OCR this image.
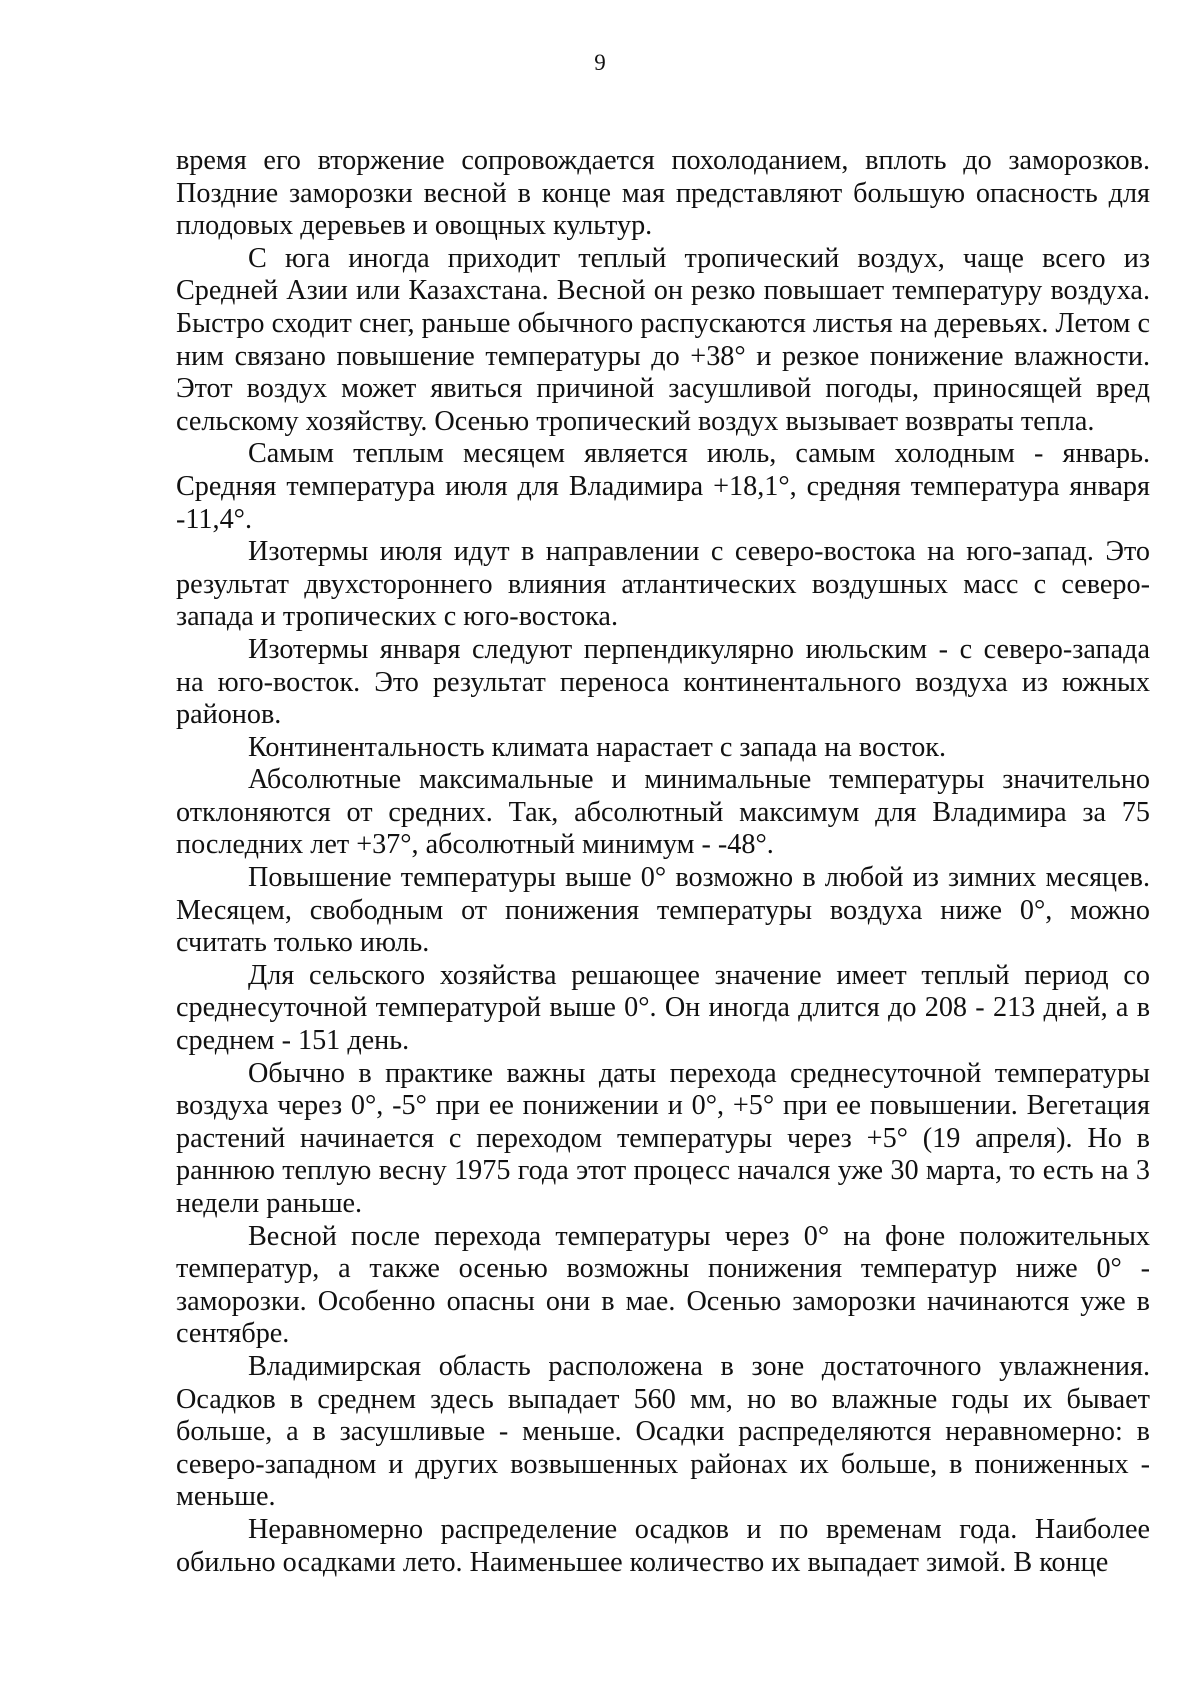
9

время его вторжение сопровождается похолоданием, вплоть до заморозков. Поздние заморозки весной в конце мая представляют большую опасность для плодовых деревьев и овощных культур.

С юга иногда приходит теплый тропический воздух, чаще всего из Средней Азии или Казахстана. Весной он резко повышает температуру воздуха. Быстро сходит снег, раньше обычного распускаются листья на деревьях. Летом с ним связано повышение температуры до +38° и резкое понижение влажности. Этот воздух может явиться причиной засушливой погоды, приносящей вред сельскому хозяйству. Осенью тропический воздух вызывает возвраты тепла.

Самым теплым месяцем является июль, самым холодным - январь. Средняя температура июля для Владимира +18,1°, средняя температура января -11,4°.

Изотермы июля идут в направлении с северо-востока на юго-запад. Это результат двухстороннего влияния атлантических воздушных масс с северо-запада и тропических с юго-востока.

Изотермы января следуют перпендикулярно июльским - с северо-запада на юго-восток. Это результат переноса континентального воздуха из южных районов.

Континентальность климата нарастает с запада на восток.

Абсолютные максимальные и минимальные температуры значительно отклоняются от средних. Так, абсолютный максимум для Владимира за 75 последних лет +37°, абсолютный минимум - -48°.

Повышение температуры выше 0° возможно в любой из зимних месяцев. Месяцем, свободным от понижения температуры воздуха ниже 0°, можно считать только июль.

Для сельского хозяйства решающее значение имеет теплый период со среднесуточной температурой выше 0°. Он иногда длится до 208 - 213 дней, а в среднем - 151 день.

Обычно в практике важны даты перехода среднесуточной температуры воздуха через 0°, -5° при ее понижении и 0°, +5° при ее повышении. Вегетация растений начинается с переходом температуры через +5° (19 апреля). Но в раннюю теплую весну 1975 года этот процесс начался уже 30 марта, то есть на 3 недели раньше.

Весной после перехода температуры через 0° на фоне положительных температур, а также осенью возможны понижения температур ниже 0° - заморозки. Особенно опасны они в мае. Осенью заморозки начинаются уже в сентябре.

Владимирская область расположена в зоне достаточного увлажнения. Осадков в среднем здесь выпадает 560 мм, но во влажные годы их бывает больше, а в засушливые - меньше. Осадки распределяются неравномерно: в северо-западном и других возвышенных районах их больше, в пониженных - меньше.

Неравномерно распределение осадков и по временам года. Наиболее обильно осадками лето. Наименьшее количество их выпадает зимой. В конце
